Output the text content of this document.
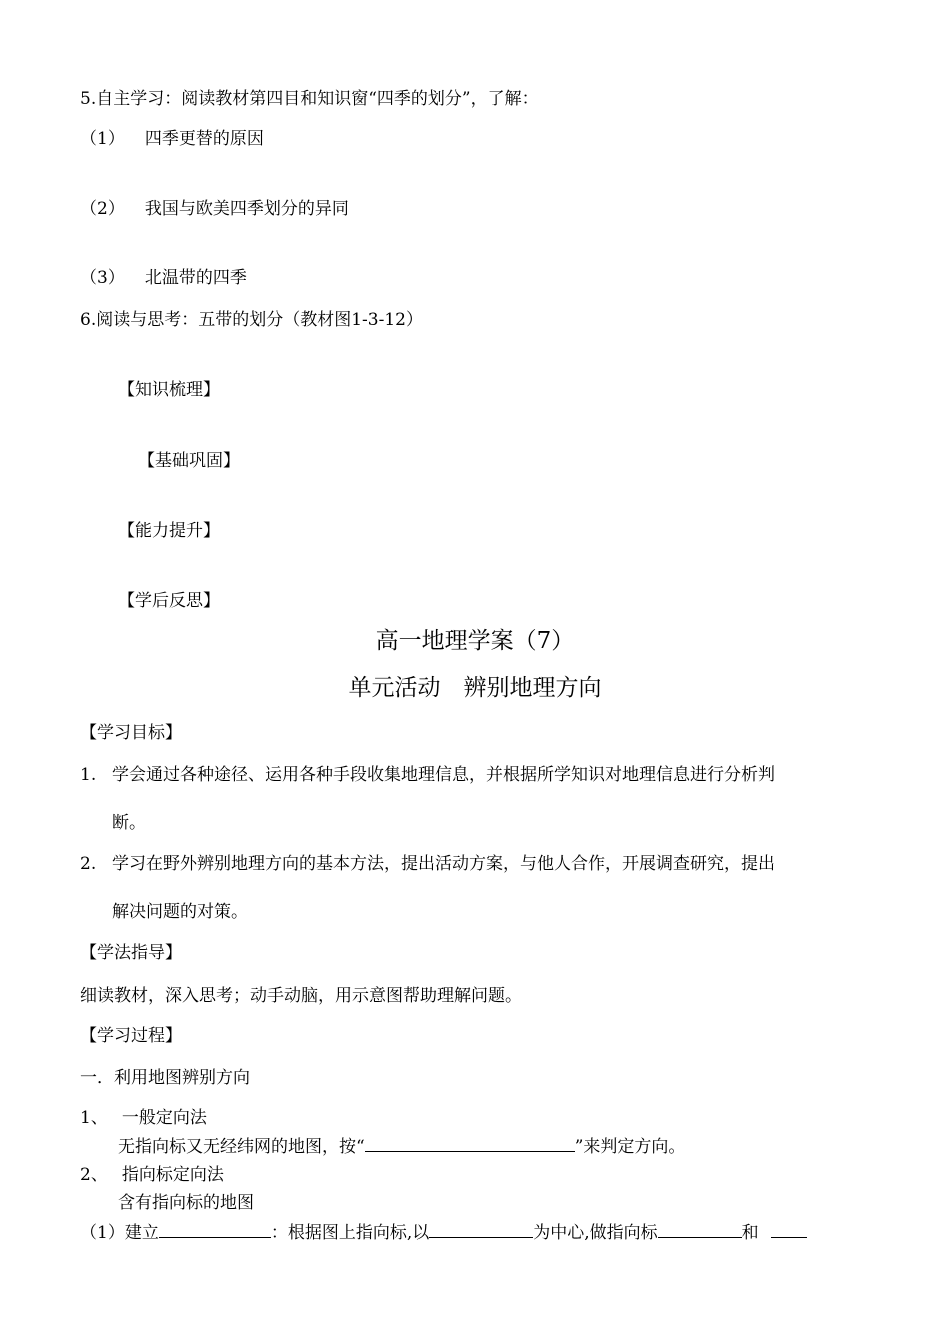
5.自主学习：阅读教材第四目和知识窗“四季的划分”，了解：
（1） 四季更替的原因
（2） 我国与欧美四季划分的异同
（3） 北温带的四季
6.阅读与思考：五带的划分（教材图1-3-12）
【知识梳理】
【基础巩固】
【能力提升】
【学后反思】
高一地理学案（7）
单元活动　辨别地理方向
【学习目标】
1. 学会通过各种途径、运用各种手段收集地理信息，并根据所学知识对地理信息进行分析判
断。
2. 学习在野外辨别地理方向的基本方法，提出活动方案，与他人合作，开展调查研究，提出
解决问题的对策。
【学法指导】
细读教材，深入思考；动手动脑，用示意图帮助理解问题。
【学习过程】
一．利用地图辨别方向
1、 一般定向法
无指向标又无经纬网的地图，按“	”来判定方向。
2、 指向标定向法
含有指向标的地图
（1）建立	：根据图上指向标,以	为中心,做指向标	和
